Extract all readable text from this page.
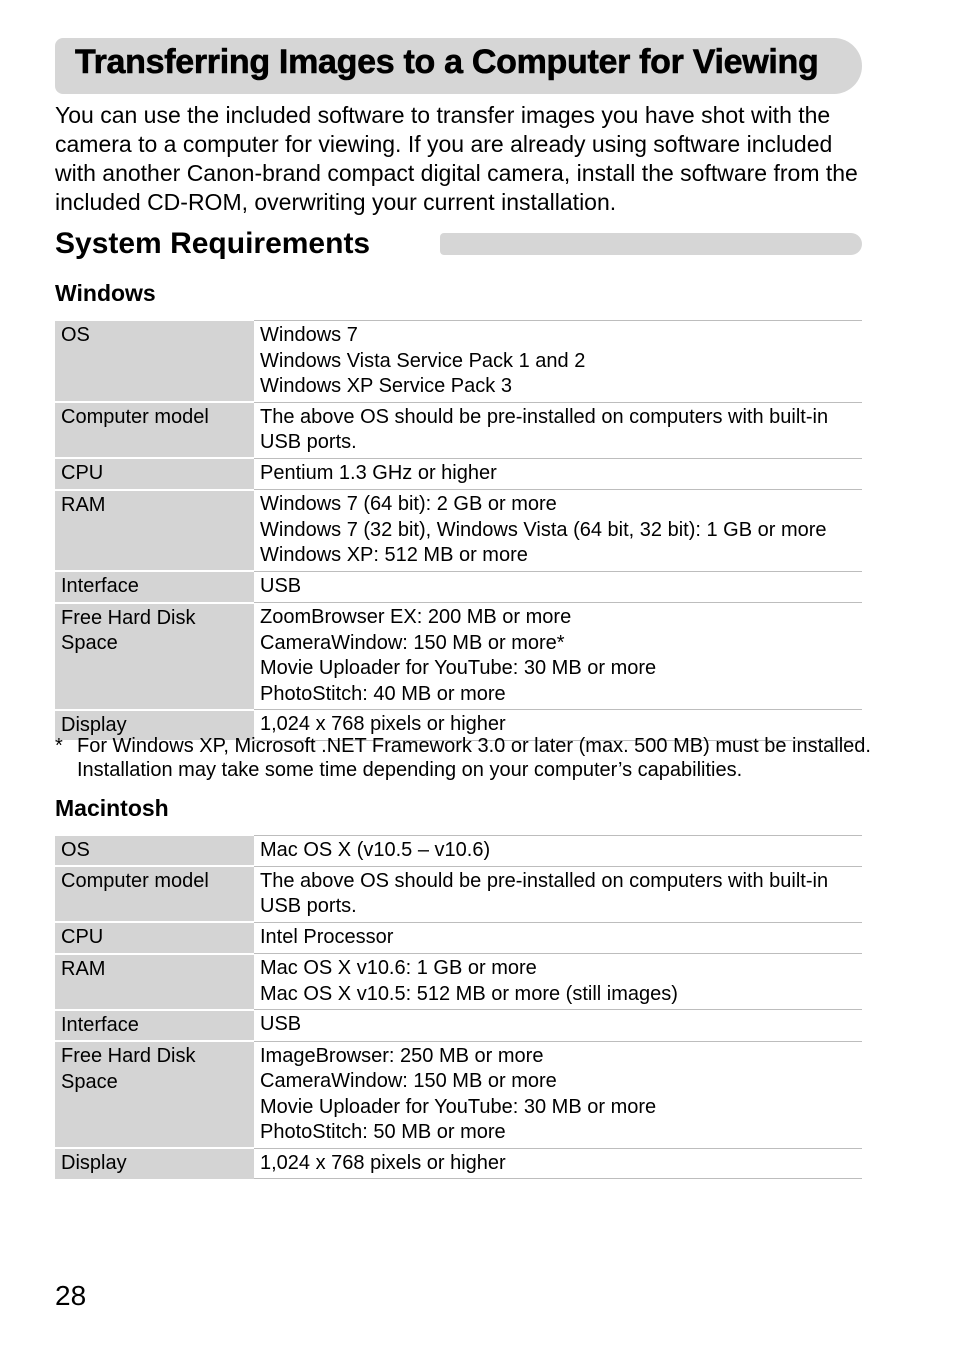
Transferring Images to a Computer for Viewing

You can use the included software to transfer images you have shot with the camera to a computer for viewing. If you are already using software included with another Canon-brand compact digital camera, install the software from the included CD-ROM, overwriting your current installation.

System Requirements
Windows
OS	Windows 7
Windows Vista Service Pack 1 and 2
Windows XP Service Pack 3

Computer model	The above OS should be pre-installed on computers with built-in
USB ports.

CPU	Pentium 1.3 GHz or higher

RAM	Windows 7 (64 bit): 2 GB or more
Windows 7 (32 bit), Windows Vista (64 bit, 32 bit): 1 GB or more
Windows XP: 512 MB or more

Interface	USB

Free Hard Disk Space	ZoomBrowser EX: 200 MB or more
CameraWindow: 150 MB or more*
Movie Uploader for YouTube: 30 MB or more
PhotoStitch: 40 MB or more

Display	1,024 x 768 pixels or higher
* For Windows XP, Microsoft .NET Framework 3.0 or later (max. 500 MB) must be installed. Installation may take some time depending on your computer’s capabilities.
Macintosh
OS	Mac OS X (v10.5 – v10.6)

Computer model	The above OS should be pre-installed on computers with built-in
USB ports.

CPU	Intel Processor

RAM	Mac OS X v10.6: 1 GB or more
Mac OS X v10.5: 512 MB or more (still images)

Interface	USB

Free Hard Disk Space	ImageBrowser: 250 MB or more
CameraWindow: 150 MB or more
Movie Uploader for YouTube: 30 MB or more
PhotoStitch: 50 MB or more

Display	1,024 x 768 pixels or higher
28
